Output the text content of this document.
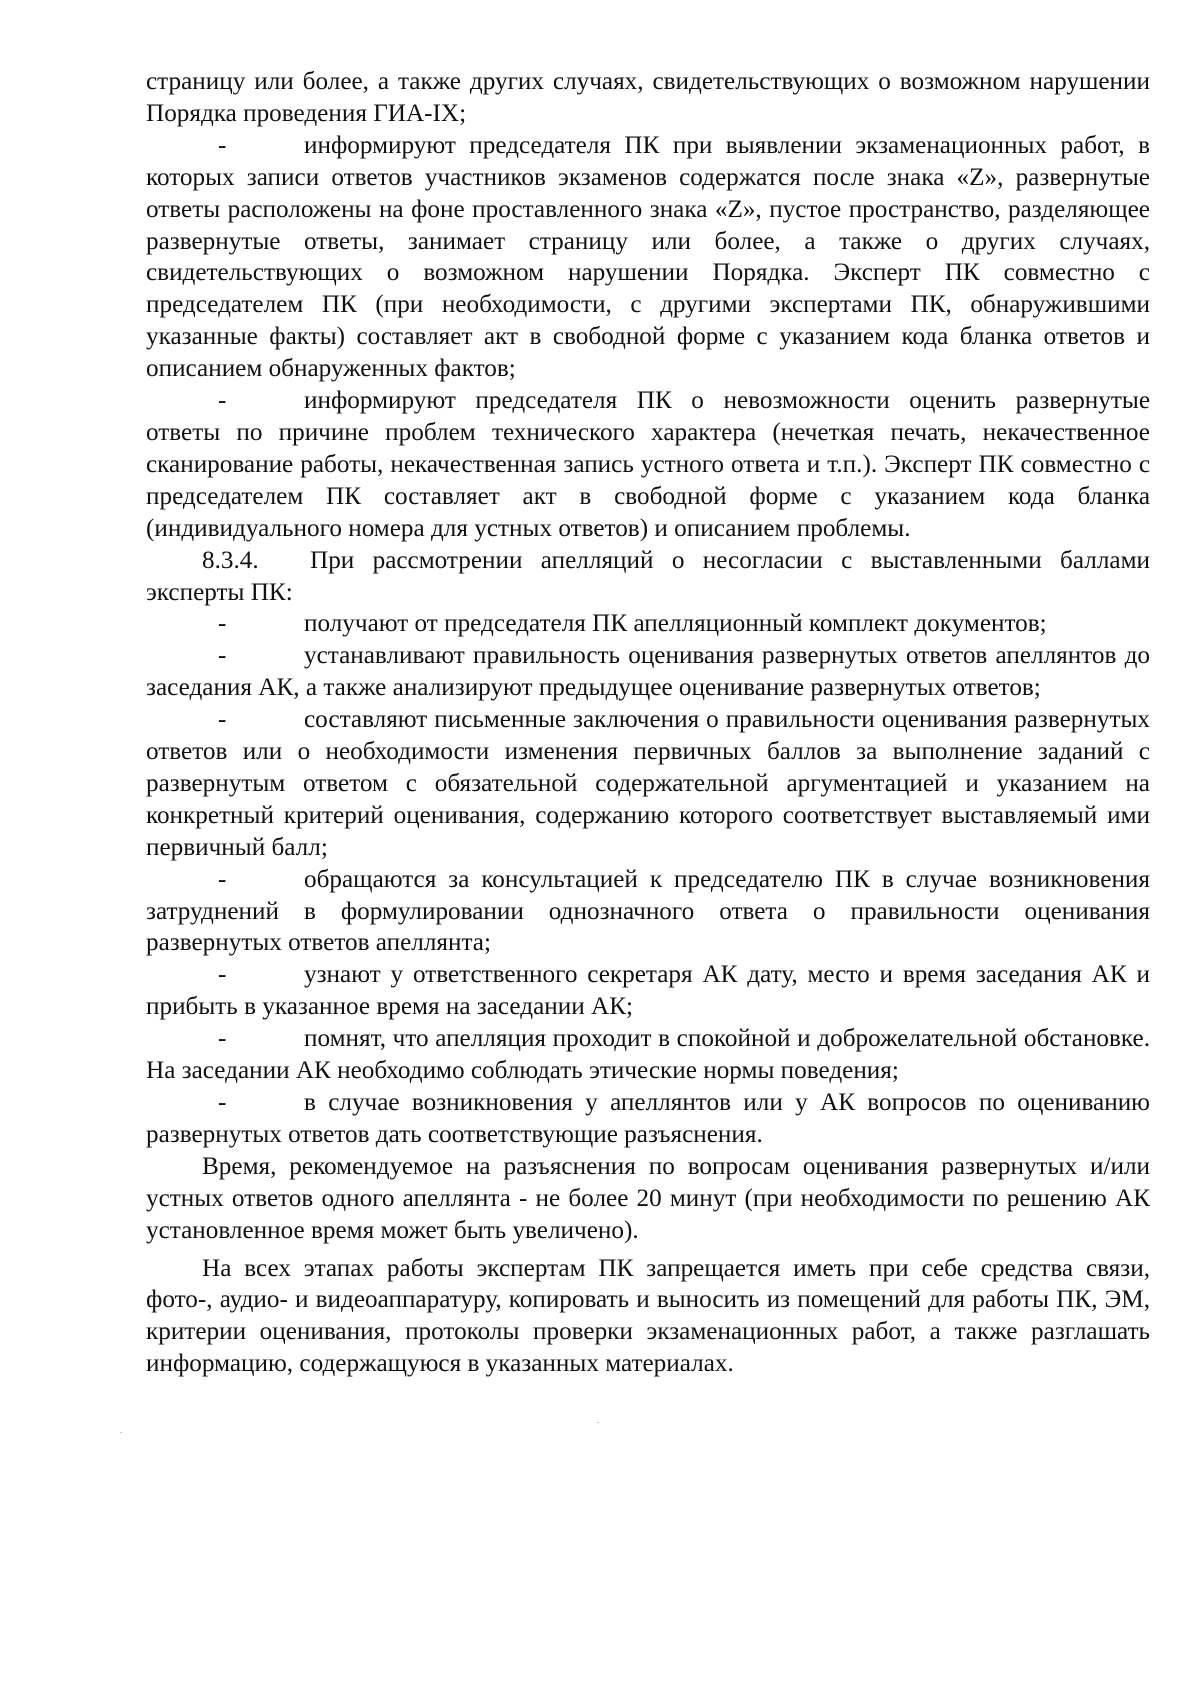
страницу или более, а также других случаях, свидетельствующих о возможном нарушении Порядка проведения ГИА-IX;

-	информируют председателя ПК при выявлении экзаменационных работ, в которых записи ответов участников экзаменов содержатся после знака «Z», развернутые ответы расположены на фоне проставленного знака «Z», пустое пространство, разделяющее развернутые ответы, занимает страницу или более, а также о других случаях, свидетельствующих о возможном нарушении Порядка. Эксперт ПК совместно с председателем ПК (при необходимости, с другими экспертами ПК, обнаружившими указанные факты) составляет акт в свободной форме с указанием кода бланка ответов и описанием обнаруженных фактов;

-	информируют председателя ПК о невозможности оценить развернутые ответы по причине проблем технического характера (нечеткая печать, некачественное сканирование работы, некачественная запись устного ответа и т.п.). Эксперт ПК совместно с председателем ПК составляет акт в свободной форме с указанием кода бланка (индивидуального номера для устных ответов) и описанием проблемы.

8.3.4. При рассмотрении апелляций о несогласии с выставленными баллами эксперты ПК:

-	получают от председателя ПК апелляционный комплект документов;

-	устанавливают правильность оценивания развернутых ответов апеллянтов до заседания АК, а также анализируют предыдущее оценивание развернутых ответов;

-	составляют письменные заключения о правильности оценивания развернутых ответов или о необходимости изменения первичных баллов за выполнение заданий с развернутым ответом с обязательной содержательной аргументацией и указанием на конкретный критерий оценивания, содержанию которого соответствует выставляемый ими первичный балл;

-	обращаются за консультацией к председателю ПК в случае возникновения затруднений в формулировании однозначного ответа о правильности оценивания развернутых ответов апеллянта;

-	узнают у ответственного секретаря АК дату, место и время заседания АК и прибыть в указанное время на заседании АК;

-	помнят, что апелляция проходит в спокойной и доброжелательной обстановке. На заседании АК необходимо соблюдать этические нормы поведения;

-	в случае возникновения у апеллянтов или у АК вопросов по оцениванию развернутых ответов дать соответствующие разъяснения.

Время, рекомендуемое на разъяснения по вопросам оценивания развернутых и/или устных ответов одного апеллянта - не более 20 минут (при необходимости по решению АК установленное время может быть увеличено).

На всех этапах работы экспертам ПК запрещается иметь при себе средства связи, фото-, аудио- и видеоаппаратуру, копировать и выносить из помещений для работы ПК, ЭМ, критерии оценивания, протоколы проверки экзаменационных работ, а также разглашать информацию, содержащуюся в указанных материалах.
